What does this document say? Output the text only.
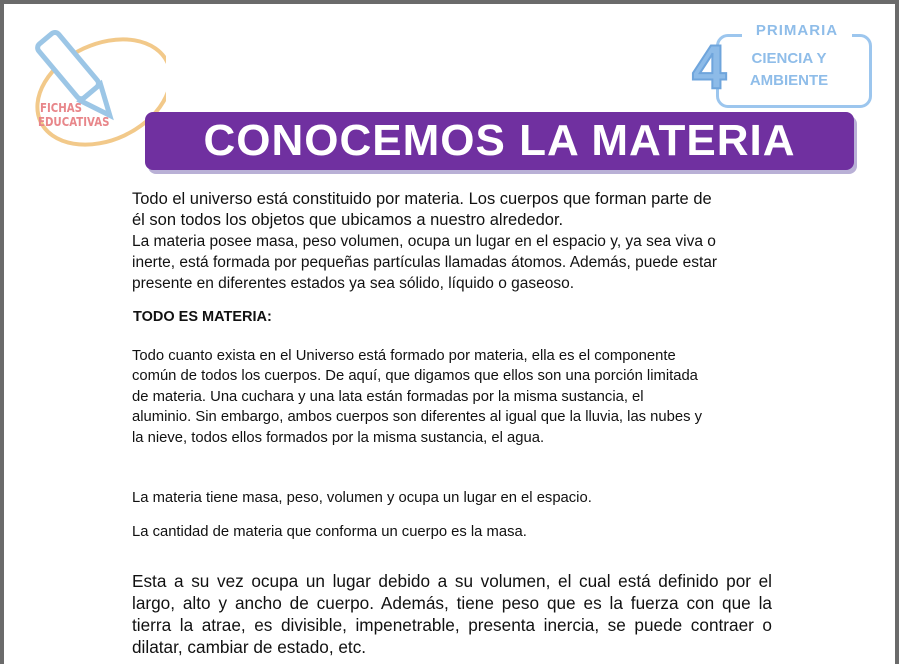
FICHAS
EDUCATIVAS
PRIMARIA
4	CIENCIA Y
AMBIENTE
CONOCEMOS LA MATERIA
Todo el universo está constituido por materia. Los cuerpos que forman parte de
él son todos los objetos que ubicamos a nuestro alrededor.
La materia posee masa, peso volumen, ocupa un lugar en el espacio y, ya sea viva o
inerte, está formada por pequeñas partículas llamadas átomos. Además, puede estar
presente en diferentes estados ya sea sólido, líquido o gaseoso.
TODO ES MATERIA:
Todo cuanto exista en el Universo está formado por materia, ella es el componente
común de todos los cuerpos. De aquí, que digamos que ellos son una porción limitada
de materia. Una cuchara y una lata están formadas por la misma sustancia, el
aluminio. Sin embargo, ambos cuerpos son diferentes al igual que la lluvia, las nubes y
la nieve, todos ellos formados por la misma sustancia, el agua.
La materia tiene masa, peso, volumen y ocupa un lugar en el espacio.
La cantidad de materia que conforma un cuerpo es la masa.
Esta a su vez ocupa un lugar debido a su volumen, el cual está definido por el
largo, alto y ancho de cuerpo. Además, tiene peso que es la fuerza con que la
tierra la atrae, es divisible, impenetrable, presenta inercia, se puede contraer o
dilatar, cambiar de estado, etc.
